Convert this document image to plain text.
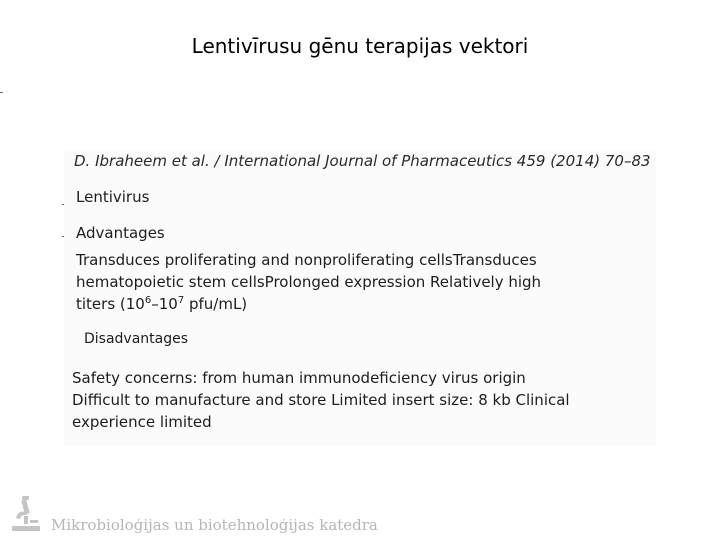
Lentivīrusu gēnu terapijas vektori
D. Ibraheem et al. / International Journal of Pharmaceutics 459 (2014) 70–83
Lentivirus
Advantages
Transduces proliferating and nonproliferating cellsTransduces
hematopoietic stem cellsProlonged expression Relatively high
titers ($10^6-10^7$ pfu/mL)
Disadvantages
Safety concerns: from human immunodeficiency virus origin
Difficult to manufacture and store Limited insert size: 8 kb Clinical
experience limited
Mikrobioloģijas un biotehnoloģijas katedra
